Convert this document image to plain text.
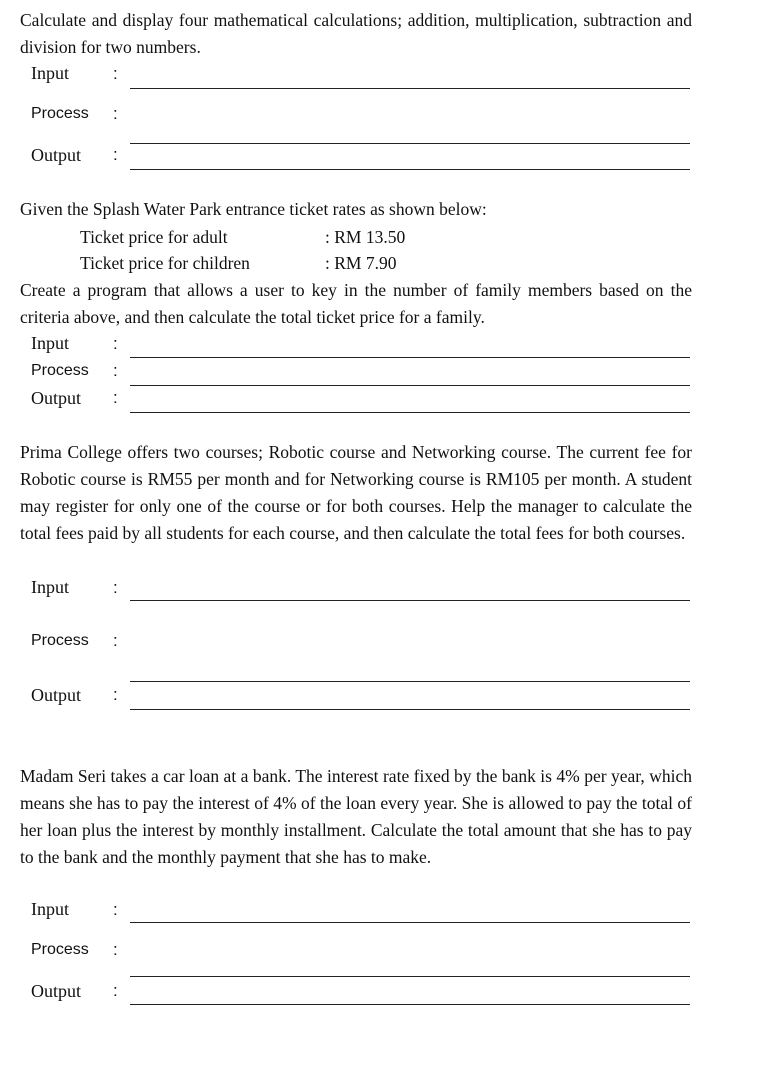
Calculate and display four mathematical calculations; addition, multiplication, subtraction and division for two numbers.

Input	:
Process :
Output :

Given the Splash Water Park entrance ticket rates as shown below:

Ticket price for adult	: RM 13.50
Ticket price for children	: RM 7.90

Create a program that allows a user to key in the number of family members based on the criteria above, and then calculate the total ticket price for a family.

Input	:
Process :
Output :

Prima College offers two courses; Robotic course and Networking course. The current fee for Robotic course is RM55 per month and for Networking course is RM105 per month. A student may register for only one of the course or for both courses. Help the manager to calculate the total fees paid by all students for each course, and then calculate the total fees for both courses.

Input	:
Process :
Output :

Madam Seri takes a car loan at a bank. The interest rate fixed by the bank is 4% per year, which means she has to pay the interest of 4% of the loan every year. She is allowed to pay the total of her loan plus the interest by monthly installment. Calculate the total amount that she has to pay to the bank and the monthly payment that she has to make.

Input	:
Process :
Output :
